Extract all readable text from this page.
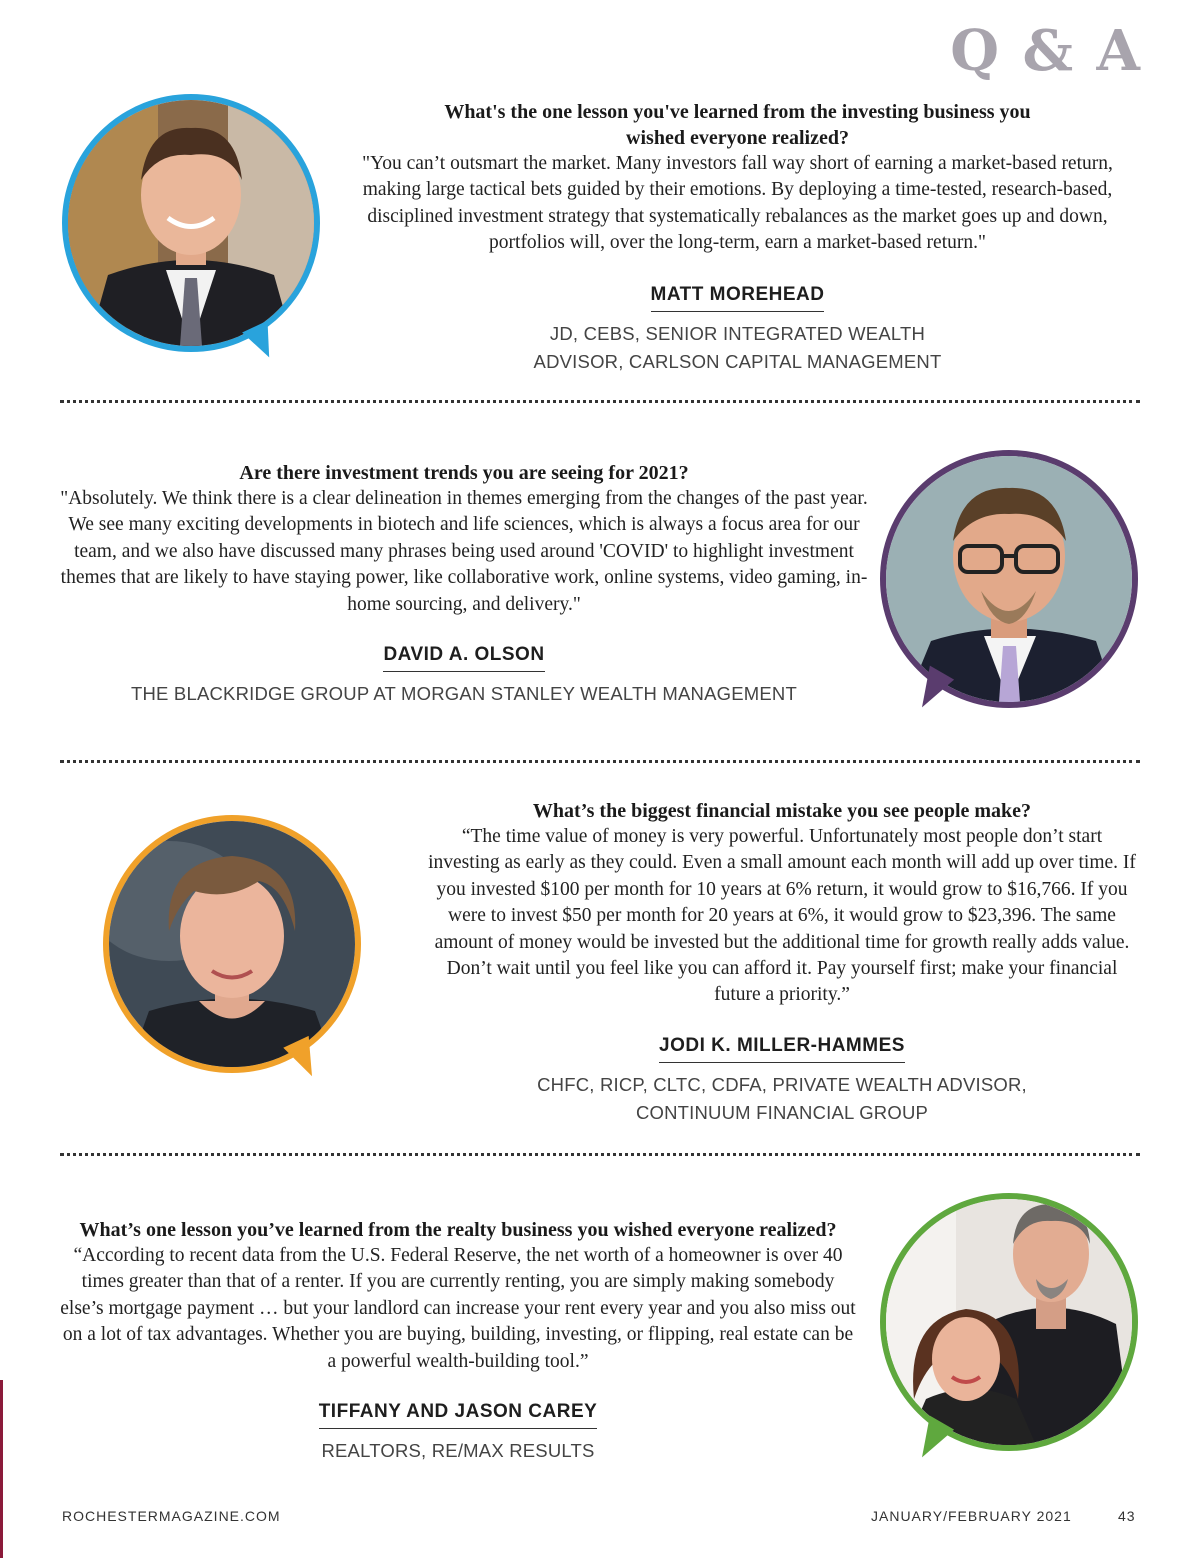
Q & A

What's the one lesson you've learned from the investing business you wished everyone realized?

"You can’t outsmart the market. Many investors fall way short of earning a market-based return, making large tactical bets guided by their emotions. By deploying a time-tested, research-based, disciplined investment strategy that systematically rebalances as the market goes up and down, portfolios will, over the long-term, earn a market-based return."

MATT MOREHEAD
JD, CEBS, SENIOR INTEGRATED WEALTH ADVISOR, CARLSON CAPITAL MANAGEMENT

Are there investment trends you are seeing for 2021?

"Absolutely. We think there is a clear delineation in themes emerging from the changes of the past year. We see many exciting developments in biotech and life sciences, which is always a focus area for our team, and we also have discussed many phrases being used around 'COVID' to highlight investment themes that are likely to have staying power, like collaborative work, online systems, video gaming, in-home sourcing, and delivery."

DAVID A. OLSON
THE BLACKRIDGE GROUP AT MORGAN STANLEY WEALTH MANAGEMENT

What’s the biggest financial mistake you see people make?

“The time value of money is very powerful. Unfortunately most people don’t start investing as early as they could. Even a small amount each month will add up over time. If you invested $100 per month for 10 years at 6% return, it would grow to $16,766. If you were to invest $50 per month for 20 years at 6%, it would grow to $23,396. The same amount of money would be invested but the additional time for growth really adds value. Don’t wait until you feel like you can afford it. Pay yourself first; make your financial future a priority.”

JODI K. MILLER-HAMMES
CHFC, RICP, CLTC, CDFA, PRIVATE WEALTH ADVISOR, CONTINUUM FINANCIAL GROUP

What’s one lesson you’ve learned from the realty business you wished everyone realized?

“According to recent data from the U.S. Federal Reserve, the net worth of a homeowner is over 40 times greater than that of a renter. If you are currently renting, you are simply making somebody else’s mortgage payment … but your landlord can increase your rent every year and you also miss out on a lot of tax advantages. Whether you are buying, building, investing, or flipping, real estate can be a powerful wealth-building tool.”

TIFFANY AND JASON CAREY
REALTORS, RE/MAX RESULTS
ROCHESTERMAGAZINE.COM	JANUARY/FEBRUARY 2021	43
